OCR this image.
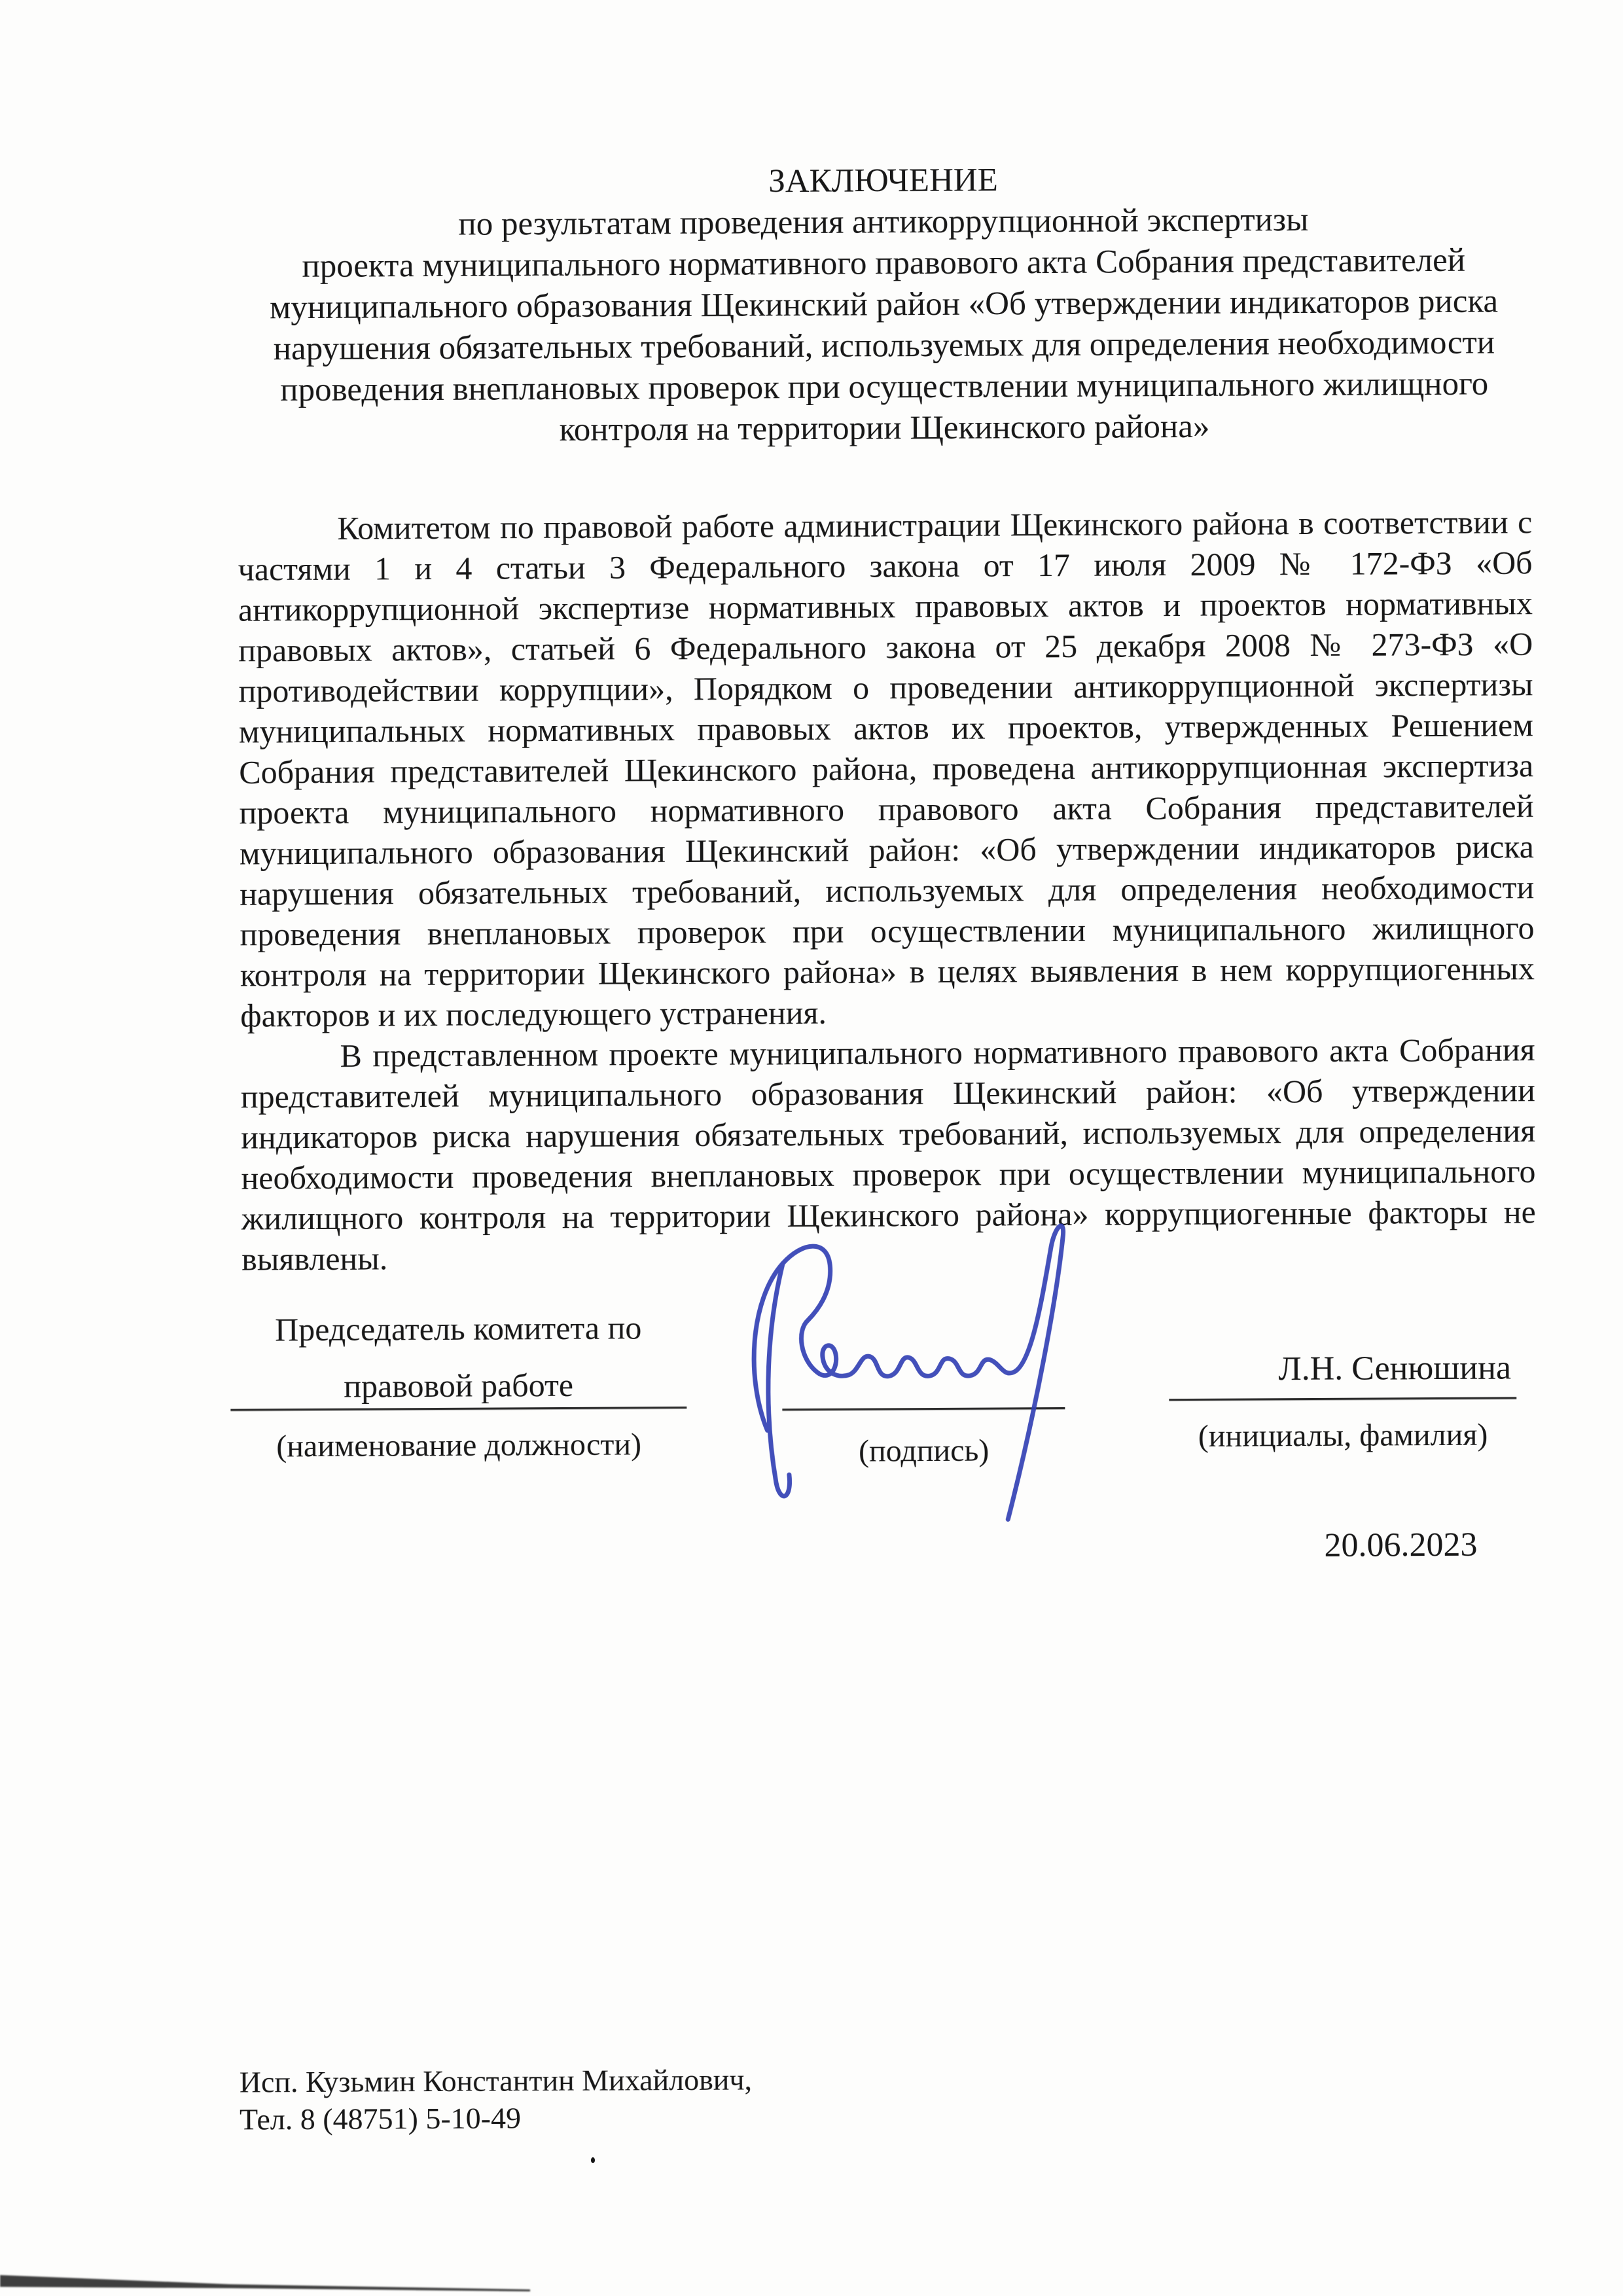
ЗАКЛЮЧЕНИЕ
по результатам проведения антикоррупционной экспертизы
проекта муниципального нормативного правового акта Собрания представителей
муниципального образования Щекинский район «Об утверждении индикаторов риска
нарушения обязательных требований, используемых для определения необходимости
проведения внеплановых проверок при осуществлении муниципального жилищного
контроля на территории Щекинского района»

Комитетом по правовой работе администрации Щекинского района в соответствии с частями 1 и 4 статьи 3 Федерального закона от 17 июля 2009 № 172-ФЗ «Об антикоррупционной экспертизе нормативных правовых актов и проектов нормативных правовых актов», статьей 6 Федерального закона от 25 декабря 2008 № 273-ФЗ «О противодействии коррупции», Порядком о проведении антикоррупционной экспертизы муниципальных нормативных правовых актов их проектов, утвержденных Решением Собрания представителей Щекинского района, проведена антикоррупционная экспертиза проекта муниципального нормативного правового акта Собрания представителей муниципального образования Щекинский район: «Об утверждении индикаторов риска нарушения обязательных требований, используемых для определения необходимости проведения внеплановых проверок при осуществлении муниципального жилищного контроля на территории Щекинского района» в целях выявления в нем коррупциогенных факторов и их последующего устранения.

В представленном проекте муниципального нормативного правового акта Собрания представителей муниципального образования Щекинский район: «Об утверждении индикаторов риска нарушения обязательных требований, используемых для определения необходимости проведения внеплановых проверок при осуществлении муниципального жилищного контроля на территории Щекинского района» коррупциогенные факторы не выявлены.

Председатель комитета по
правовой работе
(наименование должности)	(подпись)	(инициалы, фамилия)
Л.Н. Сенюшина
20.06.2023
Исп. Кузьмин Константин Михайлович,
Тел. 8 (48751) 5-10-49
